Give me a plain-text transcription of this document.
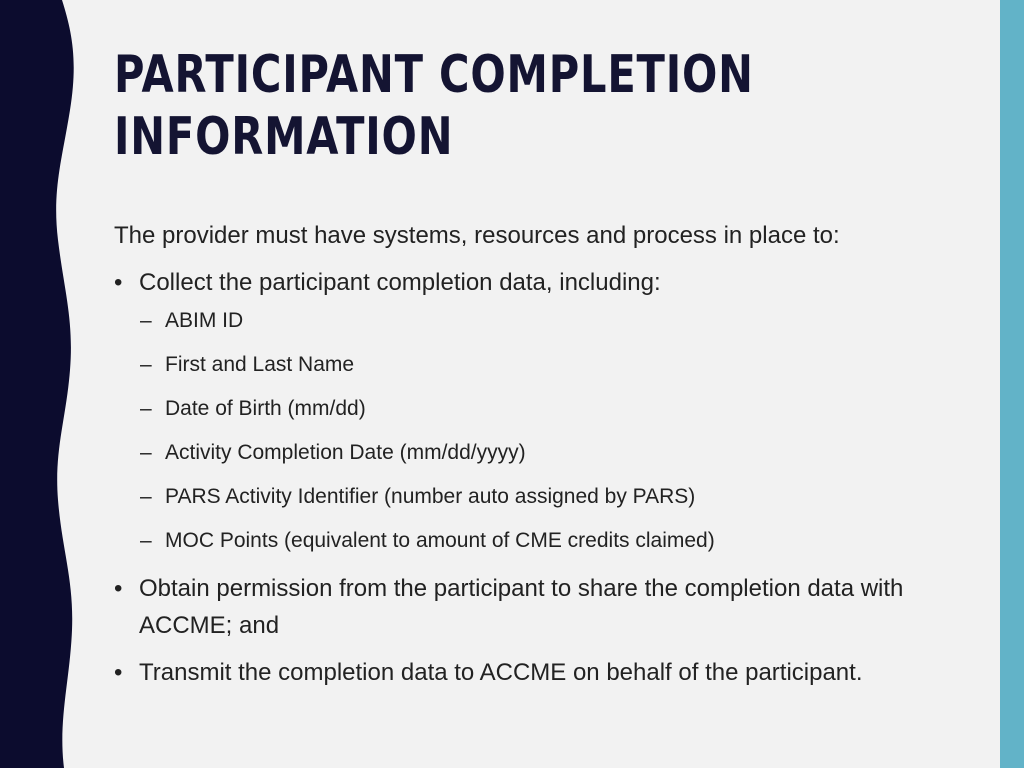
PARTICIPANT COMPLETION
INFORMATION

The provider must have systems, resources and process in place to:

• Collect the participant completion data, including:
– ABIM ID
– First and Last Name
– Date of Birth (mm/dd)
– Activity Completion Date (mm/dd/yyyy)
– PARS Activity Identifier (number auto assigned by PARS)
– MOC Points (equivalent to amount of CME credits claimed)
• Obtain permission from the participant to share the completion data with ACCME; and
• Transmit the completion data to ACCME on behalf of the participant.
